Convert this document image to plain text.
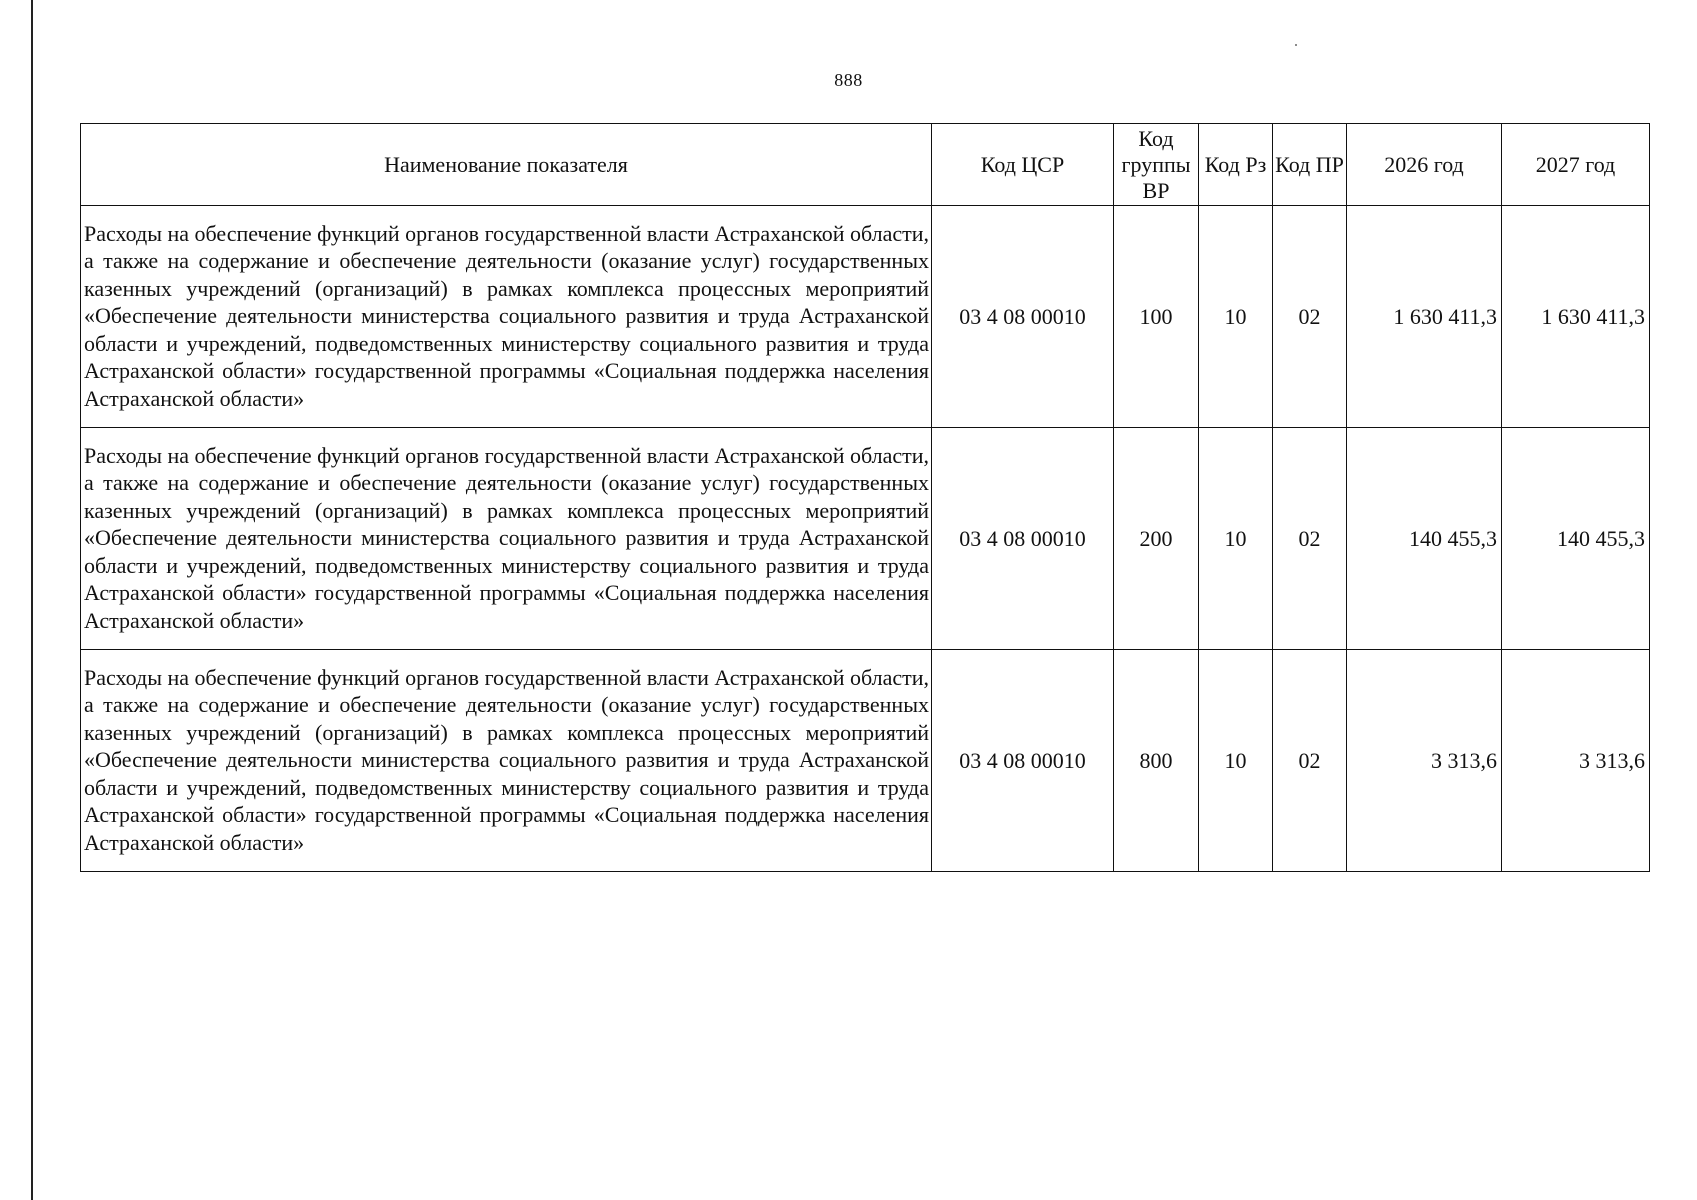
888
Наименование показателя	Код ЦСР	Код группы ВР	Код Рз	Код ПР	2026 год	2027 год
Расходы на обеспечение функций органов государственной власти Астраханской области, а также на содержание и обеспечение деятельности (оказание услуг) государственных казенных учреждений (организаций) в рамках комплекса процессных мероприятий «Обеспечение деятельности министерства социального развития и труда Астраханской области и учреждений, подведомственных министерству социального развития и труда Астраханской области» государственной программы «Социальная поддержка населения Астраханской области»	03 4 08 00010	100	10	02	1 630 411,3	1 630 411,3
Расходы на обеспечение функций органов государственной власти Астраханской области, а также на содержание и обеспечение деятельности (оказание услуг) государственных казенных учреждений (организаций) в рамках комплекса процессных мероприятий «Обеспечение деятельности министерства социального развития и труда Астраханской области и учреждений, подведомственных министерству социального развития и труда Астраханской области» государственной программы «Социальная поддержка населения Астраханской области»	03 4 08 00010	200	10	02	140 455,3	140 455,3
Расходы на обеспечение функций органов государственной власти Астраханской области, а также на содержание и обеспечение деятельности (оказание услуг) государственных казенных учреждений (организаций) в рамках комплекса процессных мероприятий «Обеспечение деятельности министерства социального развития и труда Астраханской области и учреждений, подведомственных министерству социального развития и труда Астраханской области» государственной программы «Социальная поддержка населения Астраханской области»	03 4 08 00010	800	10	02	3 313,6	3 313,6
